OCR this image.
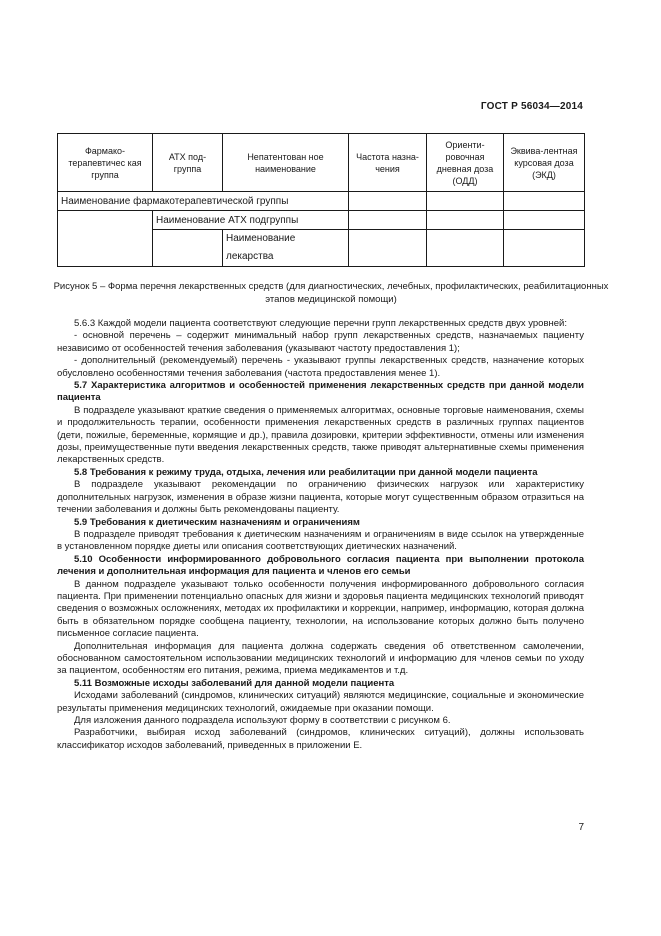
ГОСТ Р 56034—2014
Фармако-терапевтичес кая группа	АТХ под-группа	Непатентован ное наименование	Частота назна-чения	Ориенти-ровочная дневная доза (ОДД)	Эквива-лентная курсовая доза (ЭКД)
Наименование фармакотерапевтической группы					
	Наименование АТХ подгруппы				
		Наименование лекарства			
Рисунок 5 – Форма перечня лекарственных средств (для диагностических, лечебных, профилактических, реабилитационных этапов медицинской помощи)

5.6.3 Каждой модели пациента соответствуют следующие перечни групп лекарственных средств двух уровней:

- основной перечень – содержит минимальный набор групп лекарственных средств, назначаемых пациенту независимо от особенностей течения заболевания (указывают частоту предоставления 1);

- дополнительный (рекомендуемый) перечень - указывают группы лекарственных средств, назначение которых обусловлено особенностями течения заболевания (частота предоставления менее 1).

5.7 Характеристика алгоритмов и особенностей применения лекарственных средств при данной модели пациента

В подразделе указывают краткие сведения о применяемых алгоритмах, основные торговые наименования, схемы и продолжительность терапии, особенности применения лекарственных средств в различных группах пациентов (дети, пожилые, беременные, кормящие и др.), правила дозировки, критерии эффективности, отмены или изменения дозы, преимущественные пути введения лекарственных средств, также приводят альтернативные схемы применения лекарственных средств.

5.8 Требования к режиму труда, отдыха, лечения или реабилитации при данной модели пациента

В подразделе указывают рекомендации по ограничению физических нагрузок или характеристику дополнительных нагрузок, изменения в образе жизни пациента, которые могут существенным образом отразиться на течении заболевания и должны быть рекомендованы пациенту.

5.9 Требования к диетическим назначениям и ограничениям

В подразделе приводят требования к диетическим назначениям и ограничениям в виде ссылок на утвержденные в установленном порядке диеты или описания соответствующих диетических назначений.

5.10 Особенности информированного добровольного согласия пациента при выполнении протокола лечения и дополнительная информация для пациента и членов его семьи

В данном подразделе указывают только особенности получения информированного добровольного согласия пациента. При применении потенциально опасных для жизни и здоровья пациента медицинских технологий приводят сведения о возможных осложнениях, методах их профилактики и коррекции, например, информацию, которая должна быть в обязательном порядке сообщена пациенту, технологии, на использование которых должно быть получено письменное согласие пациента.

Дополнительная информация для пациента должна содержать сведения об ответственном самолечении, обоснованном самостоятельном использовании медицинских технологий и информацию для членов семьи по уходу за пациентом, особенностям его питания, режима, приема медикаментов и т.д.

5.11 Возможные исходы заболеваний для данной модели пациента

Исходами заболеваний (синдромов, клинических ситуаций) являются медицинские, социальные и экономические результаты применения медицинских технологий, ожидаемые при оказании помощи.

Для изложения данного подраздела используют форму в соответствии с рисунком 6.

Разработчики, выбирая исход заболеваний (синдромов, клинических ситуаций), должны использовать классификатор исходов заболеваний, приведенных в приложении Е.

7
